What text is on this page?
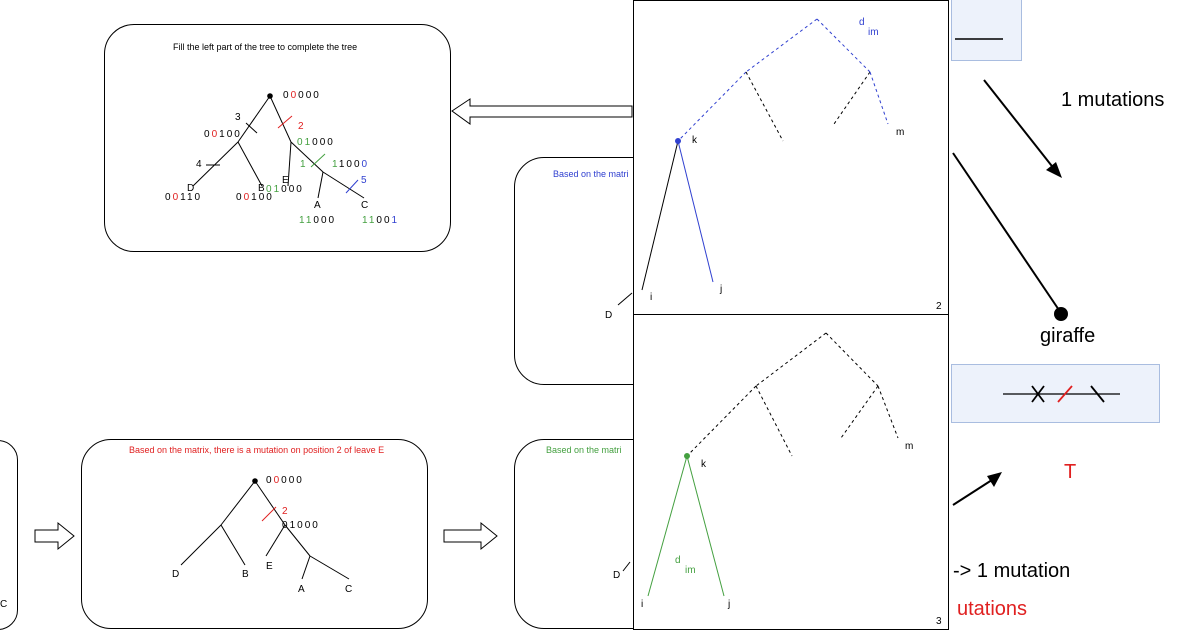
Fill the left part of the tree to complete the tree
00000
3
00100
2
01000
4	1	11000
5
D	B
E
01000
00110	00100
A	C
11000	11001
Based on the matri
D
C
Based on the matrix, there is a mutation on position 2 of leave E
00000
2
01000
D	B
E
A	C
Based on the matri
D
d
im
k
m
i
j
2
k
m
d
im
i	j
3
1 mutations
giraffe
T
-> 1 mutation
utations
